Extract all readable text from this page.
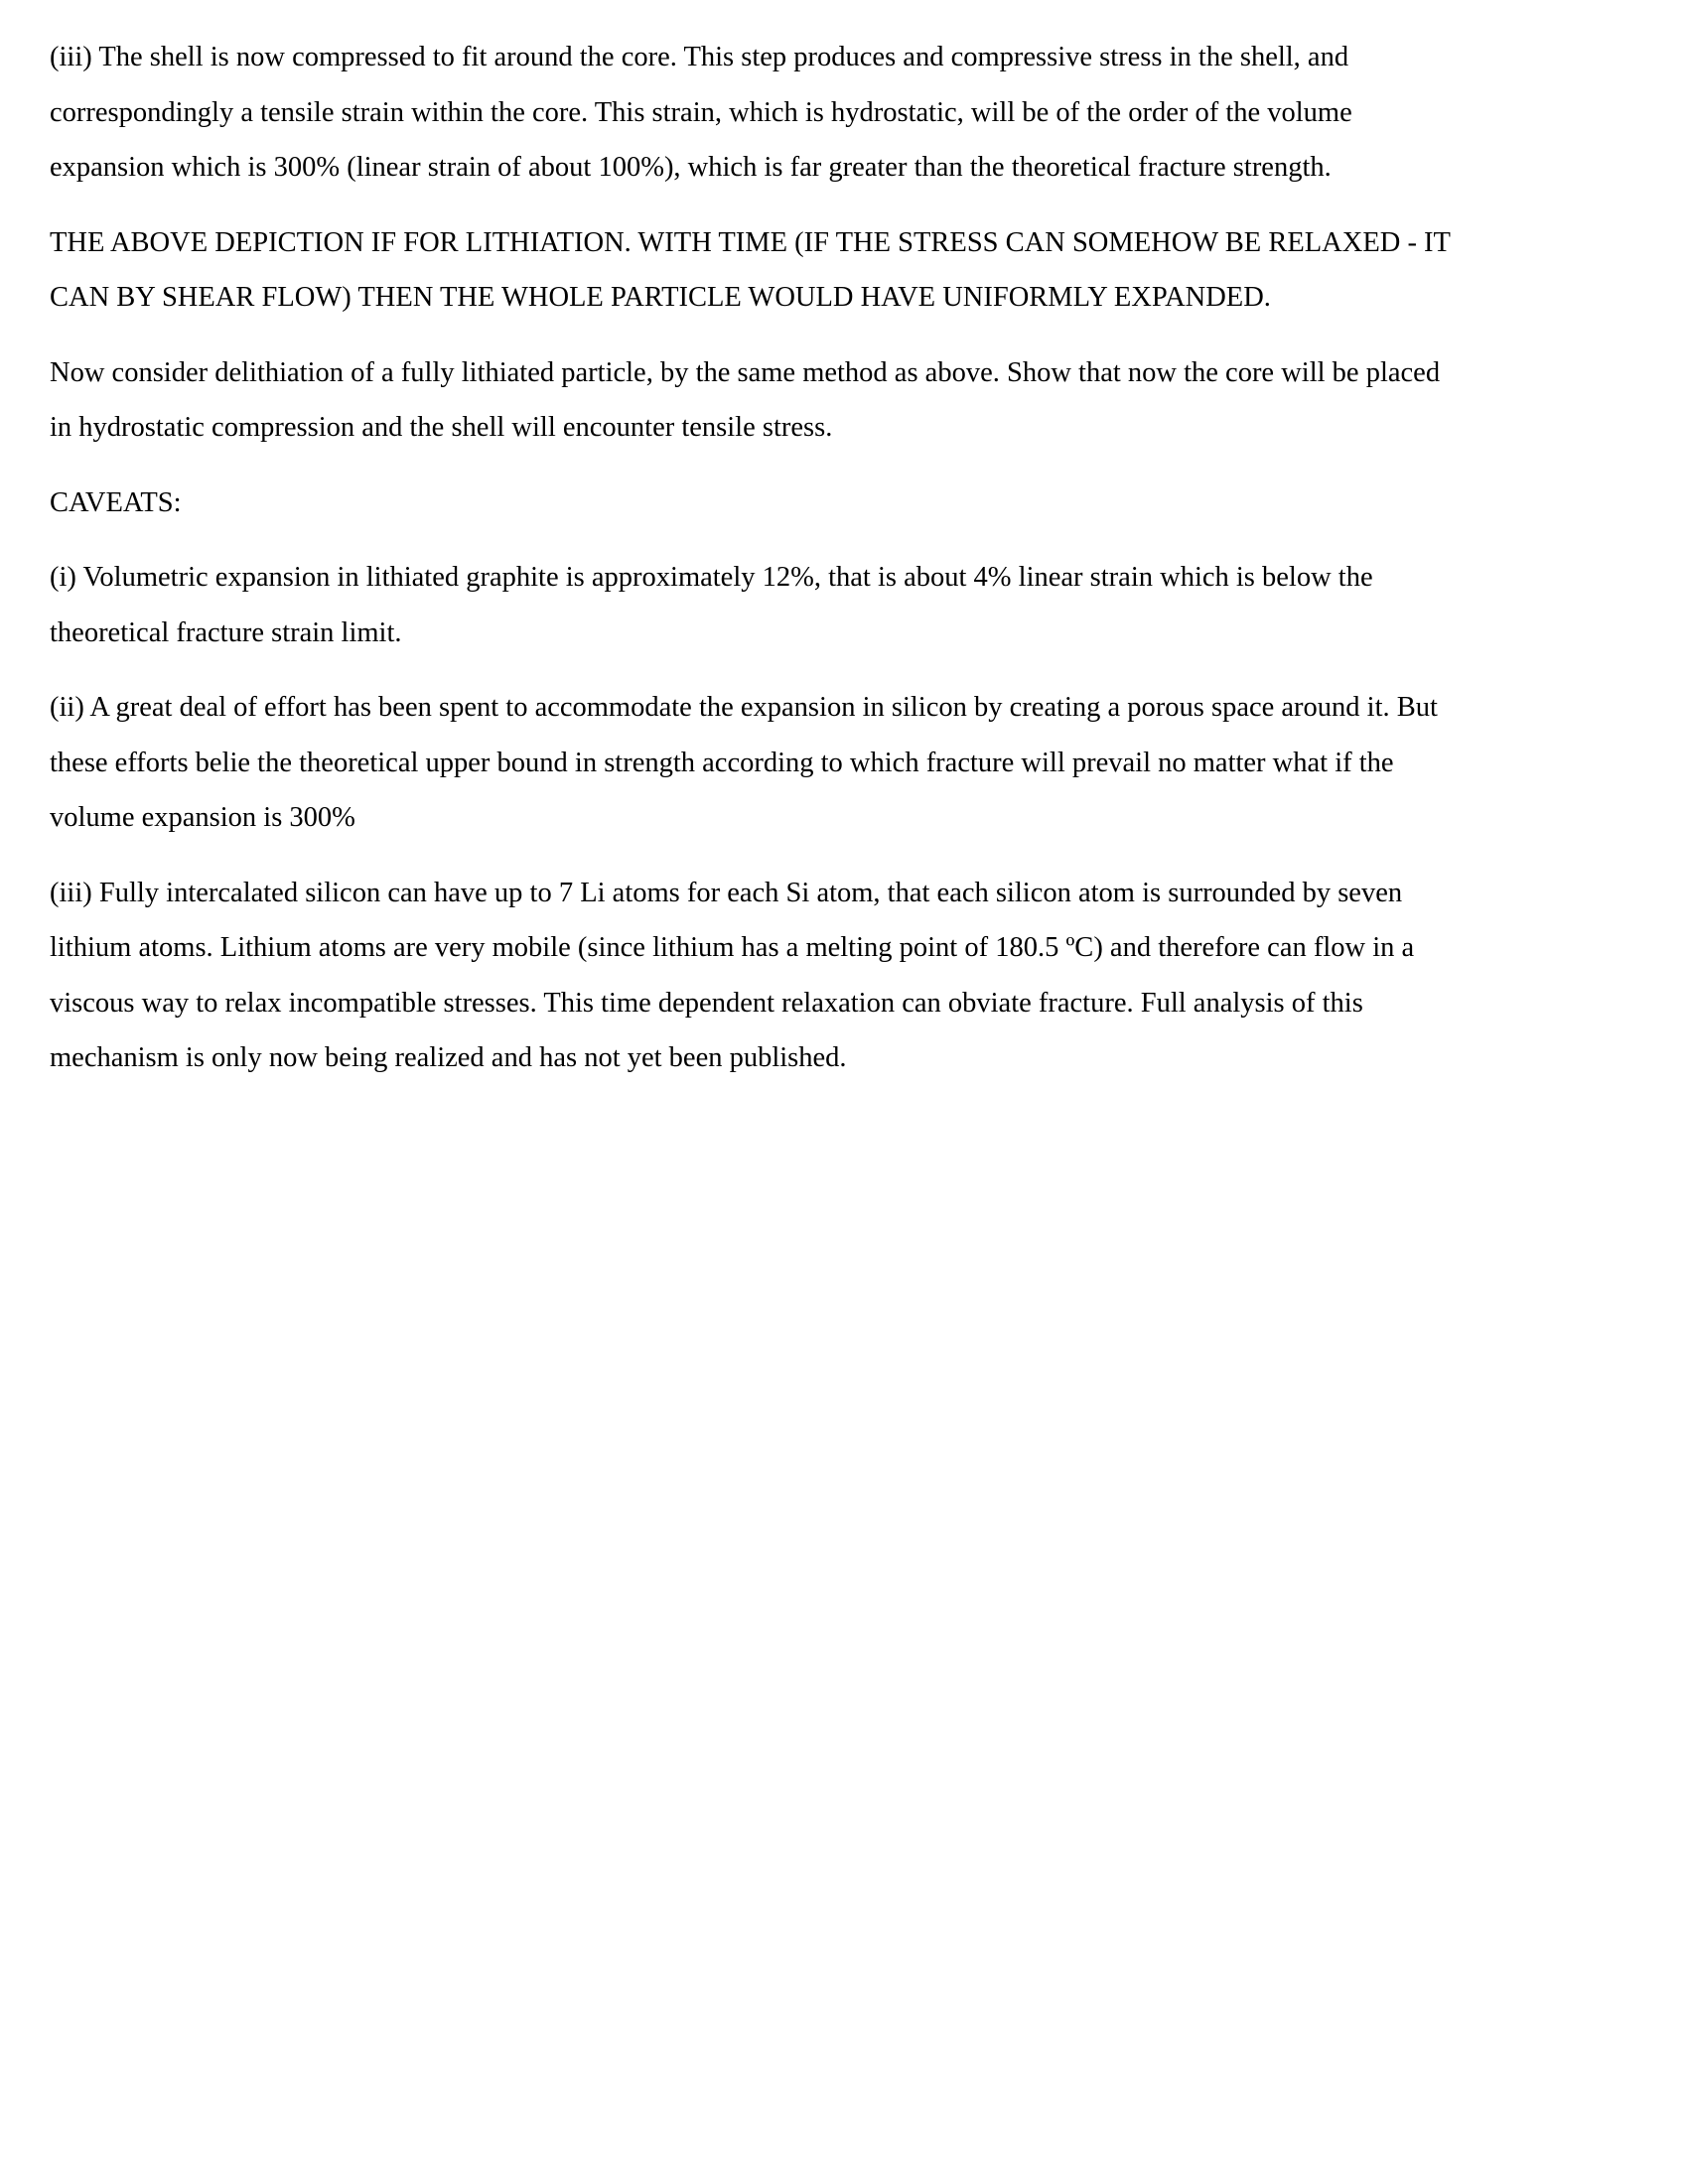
(iii) The shell is now compressed to fit around the core. This step produces and compressive stress in the shell, and
correspondingly a tensile strain within the core. This strain, which is hydrostatic, will be of the order of the volume
expansion which is 300% (linear strain of about 100%), which is far greater than the theoretical fracture strength.

THE ABOVE DEPICTION IF FOR LITHIATION. WITH TIME (IF THE STRESS CAN SOMEHOW BE RELAXED - IT
CAN BY SHEAR FLOW) THEN THE WHOLE PARTICLE WOULD HAVE UNIFORMLY EXPANDED.

Now consider delithiation of a fully lithiated particle, by the same method as above. Show that now the core will be placed
in hydrostatic compression and the shell will encounter tensile stress.

CAVEATS:

(i) Volumetric expansion in lithiated graphite is approximately 12%, that is about 4% linear strain which is below the
theoretical fracture strain limit.

(ii) A great deal of effort has been spent to accommodate the expansion in silicon by creating a porous space around it. But
these efforts belie the theoretical upper bound in strength according to which fracture will prevail no matter what if the
volume expansion is 300%

(iii) Fully intercalated silicon can have up to 7 Li atoms for each Si atom, that each silicon atom is surrounded by seven
lithium atoms. Lithium atoms are very mobile (since lithium has a melting point of 180.5 ºC) and therefore can flow in a
viscous way to relax incompatible stresses. This time dependent relaxation can obviate fracture. Full analysis of this
mechanism is only now being realized and has not yet been published.
